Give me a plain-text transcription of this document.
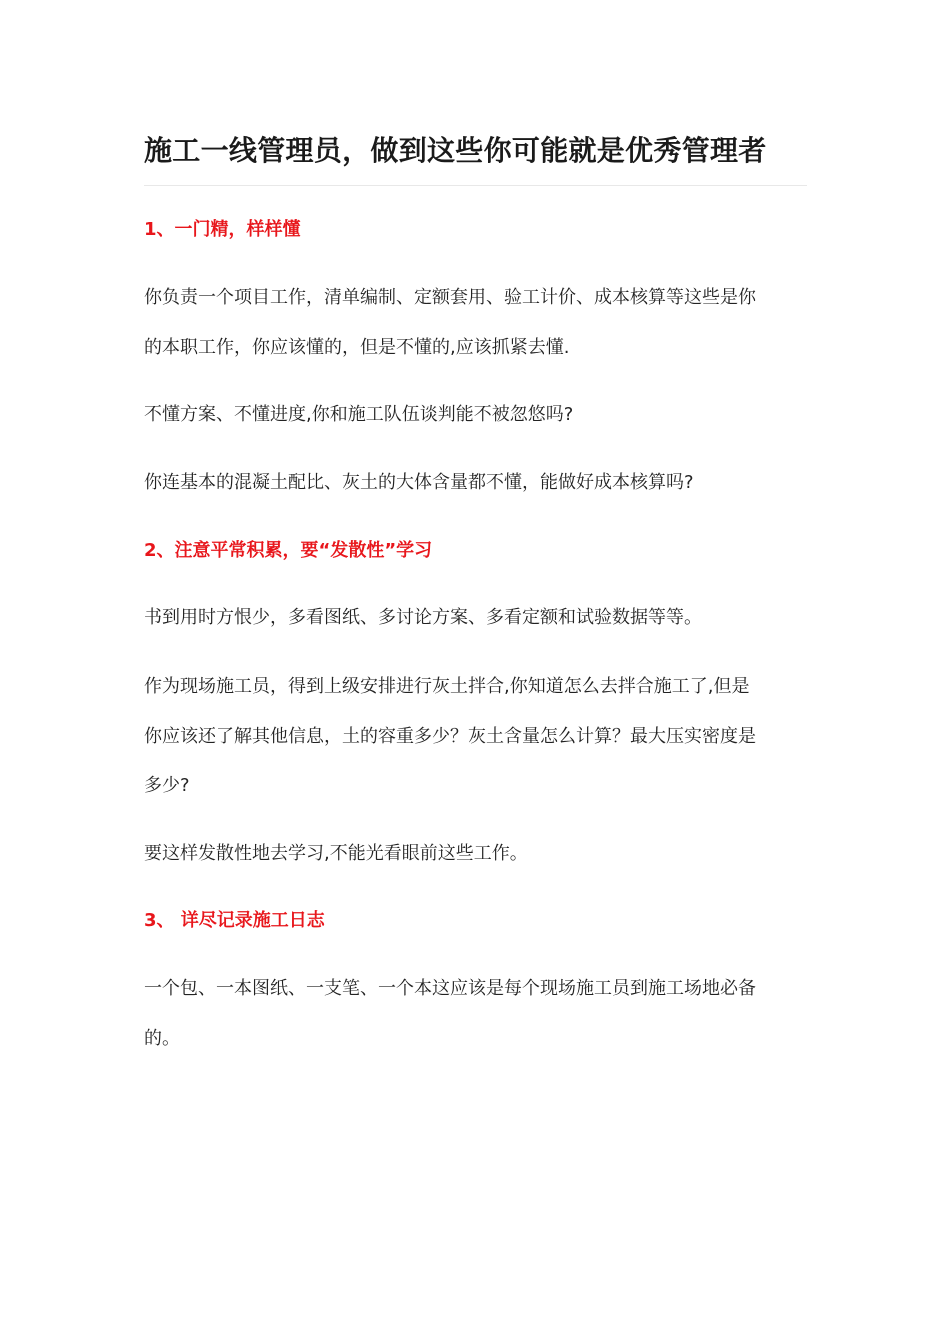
施工一线管理员，做到这些你可能就是优秀管理者
1、一门精，样样懂
你负责一个项目工作，清单编制、定额套用、验工计价、成本核算等这些是你
的本职工作，你应该懂的，但是不懂的,应该抓紧去懂.
不懂方案、不懂进度,你和施工队伍谈判能不被忽悠吗?
你连基本的混凝土配比、灰土的大体含量都不懂，能做好成本核算吗?
2、注意平常积累，要“发散性”学习
书到用时方恨少，多看图纸、多讨论方案、多看定额和试验数据等等。
作为现场施工员，得到上级安排进行灰土拌合,你知道怎么去拌合施工了,但是
你应该还了解其他信息，土的容重多少？灰土含量怎么计算？最大压实密度是
多少?
要这样发散性地去学习,不能光看眼前这些工作。
3、 详尽记录施工日志
一个包、一本图纸、一支笔、一个本这应该是每个现场施工员到施工场地必备
的。
